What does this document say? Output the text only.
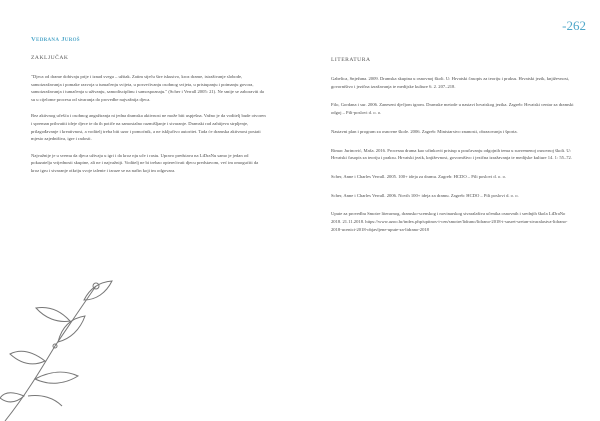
-262
Vedrana Juroš
ZAKLJUČAK

"Djeca od drame dobivaju prije i iznad svega – užitak. Zatim stječu šire iskustvo, kroz drame, istraživanje slobode, samoizražavanja i pomake razvoja u tumačenju svijeta, u posvećivanju osobnog svijeta, u pristupanju i poimanju govora, samoizražavanja i tumačenja u uživanju, samodisciplinu i samospoznaju." (Scher i Verrall 2005: 21). Ne smije se zaboraviti da su u cijelome procesu od stvaranja do provedbe najvažnija djeca.

Bez aktivnog učešća i osobnog angažiranja ni jedna dramska aktivnost ne može biti uspješna. Važno je da voditelj bude otvoren i spreman prihvatiti ideje djece te da ih potiče na samostalno razmišljanje i stvaranje. Dramski rad zahtijeva strpljenje, prilagođavanje i kreativnost, a voditelj treba biti uzor i pomoćnik, a ne isključivo autoritet. Tada će dramska aktivnost postati mjesto zajedništva, igre i radosti.

Najvažnije je u svemu da djeca uživaju u igri i da kroz nju uče i rastu. Upravo predstava na LiDraNu samo je jedan od pokazatelja vrijednosti skupine, ali ne i najvažniji. Voditelj ne bi trebao opterećivati djecu predstavom, već im omogućiti da kroz igru i stvaranje otkriju svoje talente i izraze se na način koji im odgovara.

LITERATURA

Gabelica, Snježana. 2009. Dramska skupina u osnovnoj školi. U: Hrvatski časopis za teoriju i praksu. Hrvatski jezik, književnost, govorništvo i jezična izražavanja te medijske kulture 6. 2. 207–218.

Filo, Gordana i sur. 2006. Zaneseni dječjom igrom. Dramske metode u nastavi hrvatskog jezika. Zagreb: Hrvatski centar za dramski odgoj – Pili-poslovi d. o. o.

Nastavni plan i program za osnovne škole. 2006. Zagreb: Ministarstvo znanosti, obrazovanja i športa.

Rimac Jurinović, Maša. 2016. Procesna drama kao učinkovit pristup u poučavanju odgojnih tema u suvremenoj osnovnoj školi. U: Hrvatski časopis za teoriju i praksu. Hrvatski jezik, književnost, govorništvo i jezična izražavanja te medijske kulture 14. 1: 55–72.

Scher, Anne i Charles Verrall. 2005. 100+ ideja za dramu. Zagreb: HCDO – Pili poslovi d. o. o.

Scher, Anne i Charles Verrall. 2006. Novih 100+ ideja za dramu. Zagreb: HCDO – Pili poslovi d. o. o.

Upute za provedbu Smotre literarnog, dramsko-scenskog i novinarskog stvaralaštva učenika osnovnih i srednjih škola LiDraNo 2018. 21.11.2018. https://www.azoo.hr/index.php/upitnos-i-cen/smotre/lidrano/lidrano-2018-i-susret-sretan-stvaralastva-lidrano-2018-ucenici-2018-objavljene-upute-za-lidrano-2018
